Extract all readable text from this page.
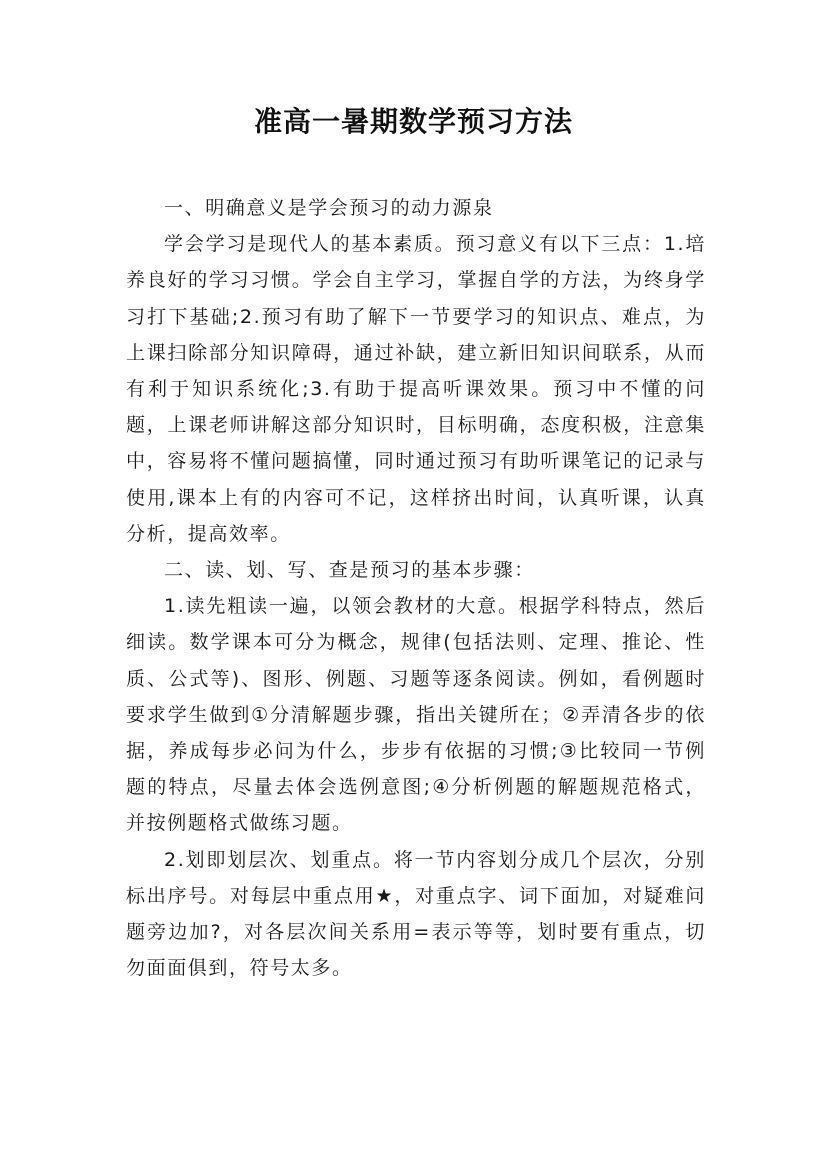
准高一暑期数学预习方法

一、明确意义是学会预习的动力源泉

学会学习是现代人的基本素质。预习意义有以下三点：1.培养良好的学习习惯。学会自主学习，掌握自学的方法，为终身学习打下基础;2.预习有助了解下一节要学习的知识点、难点，为上课扫除部分知识障碍，通过补缺，建立新旧知识间联系，从而有利于知识系统化;3.有助于提高听课效果。预习中不懂的问题，上课老师讲解这部分知识时，目标明确，态度积极，注意集中，容易将不懂问题搞懂，同时通过预习有助听课笔记的记录与使用,课本上有的内容可不记，这样挤出时间，认真听课，认真分析，提高效率。

二、读、划、写、查是预习的基本步骤：

1.读先粗读一遍，以领会教材的大意。根据学科特点，然后细读。数学课本可分为概念，规律(包括法则、定理、推论、性质、公式等)、图形、例题、习题等逐条阅读。例如，看例题时要求学生做到①分清解题步骤，指出关键所在；②弄清各步的依据，养成每步必问为什么，步步有依据的习惯;③比较同一节例题的特点，尽量去体会选例意图;④分析例题的解题规范格式，并按例题格式做练习题。

2.划即划层次、划重点。将一节内容划分成几个层次，分别标出序号。对每层中重点用★，对重点字、词下面加，对疑难问题旁边加?，对各层次间关系用=表示等等，划时要有重点，切勿面面俱到，符号太多。
